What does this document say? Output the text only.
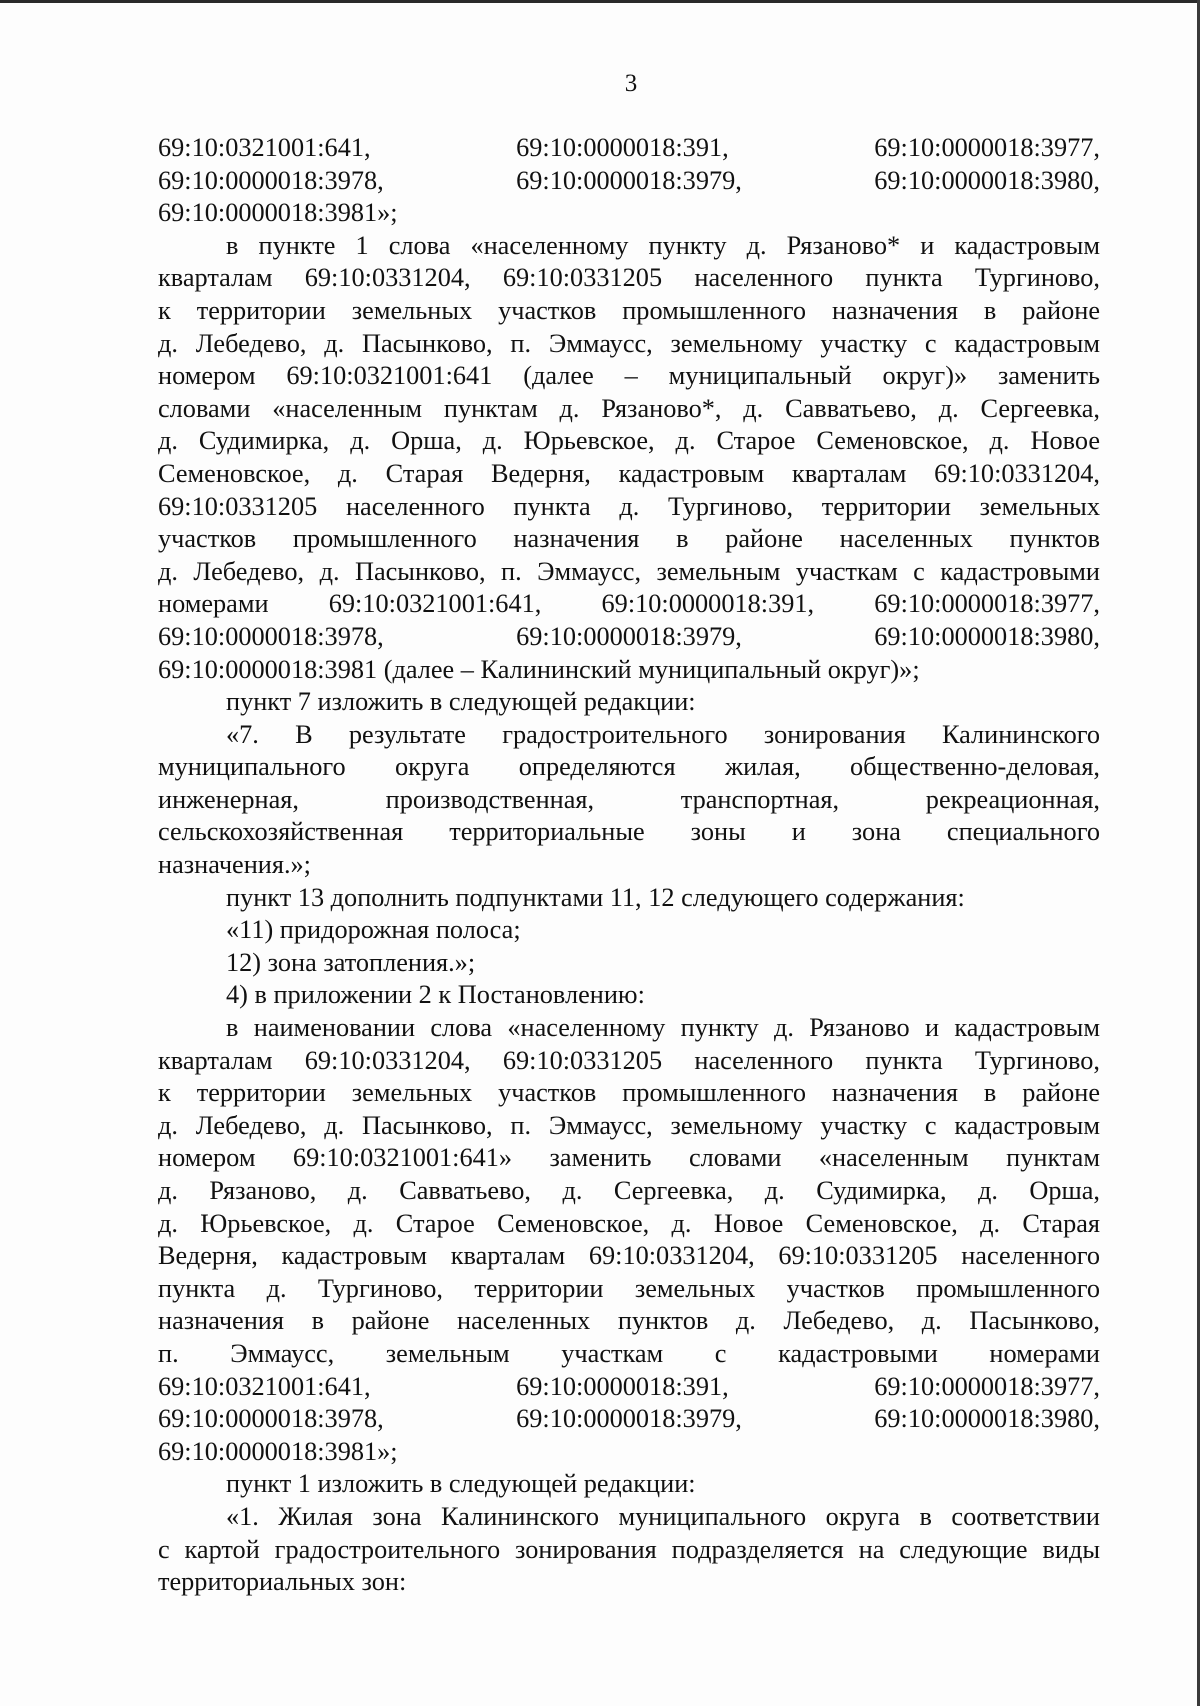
3
69:10:0321001:641,	69:10:0000018:391,	69:10:0000018:3977,
69:10:0000018:3978,	69:10:0000018:3979,	69:10:0000018:3980,
69:10:0000018:3981»;
в пункте 1 слова «населенному пункту д. Рязаново* и кадастровым
кварталам 69:10:0331204, 69:10:0331205 населенного пункта Тургиново,
к территории земельных участков промышленного назначения в районе
д. Лебедево, д. Пасынково, п. Эммаусс, земельному участку с кадастровым
номером 69:10:0321001:641 (далее – муниципальный округ)» заменить
словами «населенным пунктам д. Рязаново*, д. Савватьево, д. Сергеевка,
д. Судимирка, д. Орша, д. Юрьевское, д. Старое Семеновское, д. Новое
Семеновское, д. Старая Ведерня, кадастровым кварталам 69:10:0331204,
69:10:0331205 населенного пункта д. Тургиново, территории земельных
участков промышленного назначения в районе населенных пунктов
д. Лебедево, д. Пасынково, п. Эммаусс, земельным участкам с кадастровыми
номерами 69:10:0321001:641, 69:10:0000018:391, 69:10:0000018:3977,
69:10:0000018:3978,	69:10:0000018:3979,	69:10:0000018:3980,
69:10:0000018:3981 (далее – Калининский муниципальный округ)»;
пункт 7 изложить в следующей редакции:
«7. В результате градостроительного зонирования Калининского
муниципального округа определяются жилая, общественно-деловая,
инженерная, производственная, транспортная, рекреационная,
сельскохозяйственная территориальные зоны и зона специального
назначения.»;
пункт 13 дополнить подпунктами 11, 12 следующего содержания:
«11) придорожная полоса;
12) зона затопления.»;
4) в приложении 2 к Постановлению:
в наименовании слова «населенному пункту д. Рязаново и кадастровым
кварталам 69:10:0331204, 69:10:0331205 населенного пункта Тургиново,
к территории земельных участков промышленного назначения в районе
д. Лебедево, д. Пасынково, п. Эммаусс, земельному участку с кадастровым
номером 69:10:0321001:641» заменить словами «населенным пунктам
д. Рязаново, д. Савватьево, д. Сергеевка, д. Судимирка, д. Орша,
д. Юрьевское, д. Старое Семеновское, д. Новое Семеновское, д. Старая
Ведерня, кадастровым кварталам 69:10:0331204, 69:10:0331205 населенного
пункта д. Тургиново, территории земельных участков промышленного
назначения в районе населенных пунктов д. Лебедево, д. Пасынково,
п. Эммаусс, земельным участкам с кадастровыми номерами
69:10:0321001:641,	69:10:0000018:391,	69:10:0000018:3977,
69:10:0000018:3978,	69:10:0000018:3979,	69:10:0000018:3980,
69:10:0000018:3981»;
пункт 1 изложить в следующей редакции:
«1. Жилая зона Калининского муниципального округа в соответствии
с картой градостроительного зонирования подразделяется на следующие виды
территориальных зон:
